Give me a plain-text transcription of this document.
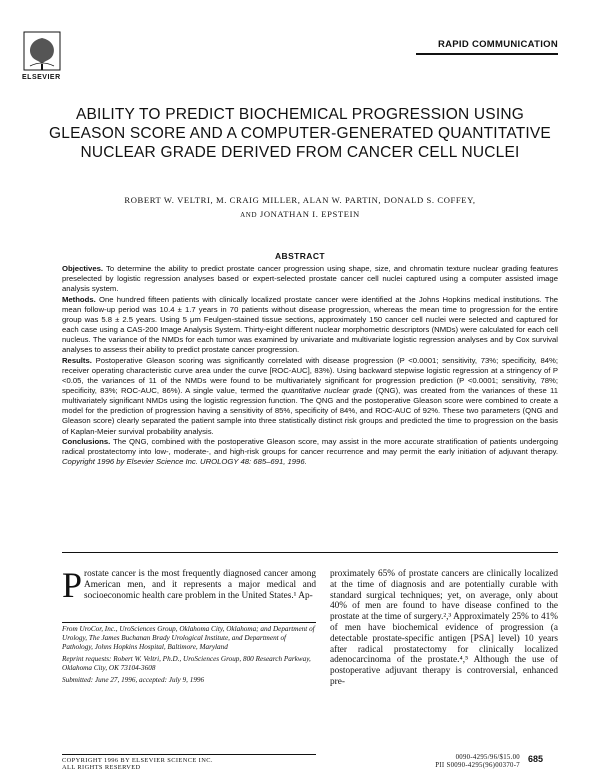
ELSEVIER
RAPID COMMUNICATION
ABILITY TO PREDICT BIOCHEMICAL PROGRESSION USING GLEASON SCORE AND A COMPUTER-GENERATED QUANTITATIVE NUCLEAR GRADE DERIVED FROM CANCER CELL NUCLEI
ROBERT W. VELTRI, M. CRAIG MILLER, ALAN W. PARTIN, DONALD S. COFFEY,
AND JONATHAN I. EPSTEIN
ABSTRACT

Objectives. To determine the ability to predict prostate cancer progression using shape, size, and chromatin texture nuclear grading features preselected by logistic regression analyses based or expert-selected prostate cancer cell nuclei captured using a computer assisted image analysis system.

Methods. One hundred fifteen patients with clinically localized prostate cancer were identified at the Johns Hopkins medical institutions. The mean follow-up period was 10.4 ± 1.7 years in 70 patients without disease progression, whereas the mean time to progression for the entire group was 5.8 ± 2.5 years. Using 5 μm Feulgen-stained tissue sections, approximately 150 cancer cell nuclei were selected and captured for each case using a CAS-200 Image Analysis System. Thirty-eight different nuclear morphometric descriptors (NMDs) were calculated for each cell nucleus. The variance of the NMDs for each tumor was examined by univariate and multivariate logistic regression analyses and by Cox survival analyses to assess their ability to predict prostate cancer progression.

Results. Postoperative Gleason scoring was significantly correlated with disease progression (P <0.0001; sensitivity, 73%; specificity, 84%; receiver operating characteristic curve area under the curve [ROC-AUC], 83%). Using backward stepwise logistic regression at a stringency of P <0.05, the variances of 11 of the NMDs were found to be multivariately significant for progression prediction (P <0.0001; sensitivity, 78%; specificity, 83%; ROC-AUC, 86%). A single value, termed the quantitative nuclear grade (QNG), was created from the variances of these 11 multivariately significant NMDs using the logistic regression function. The QNG and the postoperative Gleason score were combined to create a model for the prediction of progression having a sensitivity of 85%, specificity of 84%, and ROC-AUC of 92%. These two parameters (QNG and Gleason score) clearly separated the patient sample into three statistically distinct risk groups and predicted the time to progression on the basis of Kaplan-Meier survival probability analysis.

Conclusions. The QNG, combined with the postoperative Gleason score, may assist in the more accurate stratification of patients undergoing radical prostatectomy into low-, moderate-, and high-risk groups for cancer recurrence and may permit the early initiation of adjuvant therapy. Copyright 1996 by Elsevier Science Inc. UROLOGY 48: 685–691, 1996.

Prostate cancer is the most frequently diagnosed cancer among American men, and it represents a major medical and socioeconomic health care problem in the United States.¹ Ap-
proximately 65% of prostate cancers are clinically localized at the time of diagnosis and are potentially curable with standard surgical techniques; yet, on average, only about 40% of men are found to have disease confined to the prostate at the time of surgery.²,³ Approximately 25% to 41% of men have biochemical evidence of progression (a detectable prostate-specific antigen [PSA] level) 10 years after radical prostatectomy for clinically localized adenocarcinoma of the prostate.⁴,⁵ Although the use of postoperative adjuvant therapy is controversial, enhanced pre-

From UroCor, Inc., UroSciences Group, Oklahoma City, Oklahoma; and Department of Urology, The James Buchanan Brady Urological Institute, and Department of Pathology, Johns Hopkins Hospital, Baltimore, Maryland

Reprint requests: Robert W. Veltri, Ph.D., UroSciences Group, 800 Research Parkway, Oklahoma City, OK 73104-3608

Submitted: June 27, 1996, accepted: July 9, 1996

COPYRIGHT 1996 BY ELSEVIER SCIENCE INC.
ALL RIGHTS RESERVED
0090-4295/96/$15.00
PII S0090-4295(96)00370-7
685
